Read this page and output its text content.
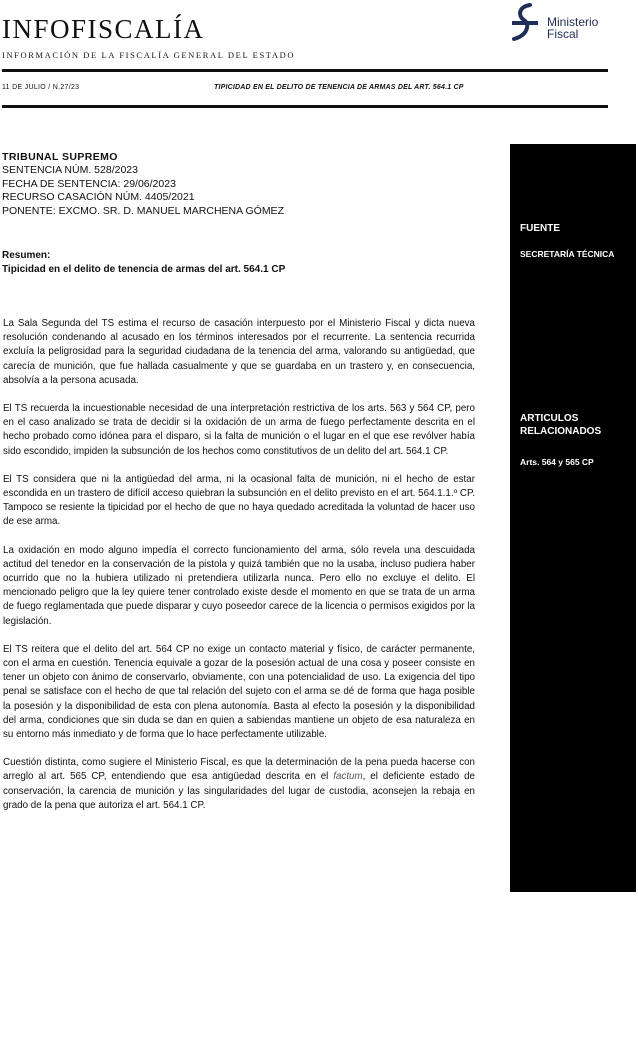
INFOFISCALÍA
INFORMACIÓN DE LA FISCALÍA GENERAL DEL ESTADO
Ministerio
Fiscal
11 DE JULIO / N.27/23	TIPICIDAD EN EL DELITO DE TENENCIA DE ARMAS DEL ART. 564.1 CP
TRIBUNAL SUPREMO
SENTENCIA NÚM. 528/2023
FECHA DE SENTENCIA: 29/06/2023
RECURSO CASACIÓN NÚM. 4405/2021
PONENTE: EXCMO. SR. D. MANUEL MARCHENA GÓMEZ
Resumen:
Tipicidad en el delito de tenencia de armas del art. 564.1 CP

La Sala Segunda del TS estima el recurso de casación interpuesto por el Ministerio Fiscal y dicta nueva resolución condenando al acusado en los términos interesados por el recurrente. La sentencia recurrida excluía la peligrosidad para la seguridad ciudadana de la tenencia del arma, valorando su antigüedad, que carecía de munición, que fue hallada casualmente y que se guardaba en un trastero y, en consecuencia, absolvía a la persona acusada.

El TS recuerda la incuestionable necesidad de una interpretación restrictiva de los arts. 563 y 564 CP, pero en el caso analizado se trata de decidir si la oxidación de un arma de fuego perfectamente descrita en el hecho probado como idónea para el disparo, si la falta de munición o el lugar en el que ese revólver había sido escondido, impiden la subsunción de los hechos como constitutivos de un delito del art. 564.1 CP.

El TS considera que ni la antigüedad del arma, ni la ocasional falta de munición, ni el hecho de estar escondida en un trastero de difícil acceso quiebran la subsunción en el delito previsto en el art. 564.1.1.º CP. Tampoco se resiente la tipicidad por el hecho de que no haya quedado acreditada la voluntad de hacer uso de ese arma.

La oxidación en modo alguno impedía el correcto funcionamiento del arma, sólo revela una descuidada actitud del tenedor en la conservación de la pistola y quizá también que no la usaba, incluso pudiera haber ocurrido que no la hubiera utilizado ni pretendiera utilizarla nunca. Pero ello no excluye el delito. El mencionado peligro que la ley quiere tener controlado existe desde el momento en que se trata de un arma de fuego reglamentada que puede disparar y cuyo poseedor carece de la licencia o permisos exigidos por la legislación.

El TS reitera que el delito del art. 564 CP no exige un contacto material y físico, de carácter permanente, con el arma en cuestión. Tenencia equivale a gozar de la posesión actual de una cosa y poseer consiste en tener un objeto con ánimo de conservarlo, obviamente, con una potencialidad de uso. La exigencia del tipo penal se satisface con el hecho de que tal relación del sujeto con el arma se dé de forma que haga posible la posesión y la disponibilidad de esta con plena autonomía. Basta al efecto la posesión y la disponibilidad del arma, condiciones que sin duda se dan en quien a sabiendas mantiene un objeto de esa naturaleza en su entorno más inmediato y de forma que lo hace perfectamente utilizable.

Cuestión distinta, como sugiere el Ministerio Fiscal, es que la determinación de la pena pueda hacerse con arreglo al art. 565 CP, entendiendo que esa antigüedad descrita en el factum, el deficiente estado de conservación, la carencia de munición y las singularidades del lugar de custodia, aconsejen la rebaja en grado de la pena que autoriza el art. 564.1 CP.

FUENTE
SECRETARÍA TÉCNICA
ARTICULOS
RELACIONADOS
Arts. 564 y 565 CP
